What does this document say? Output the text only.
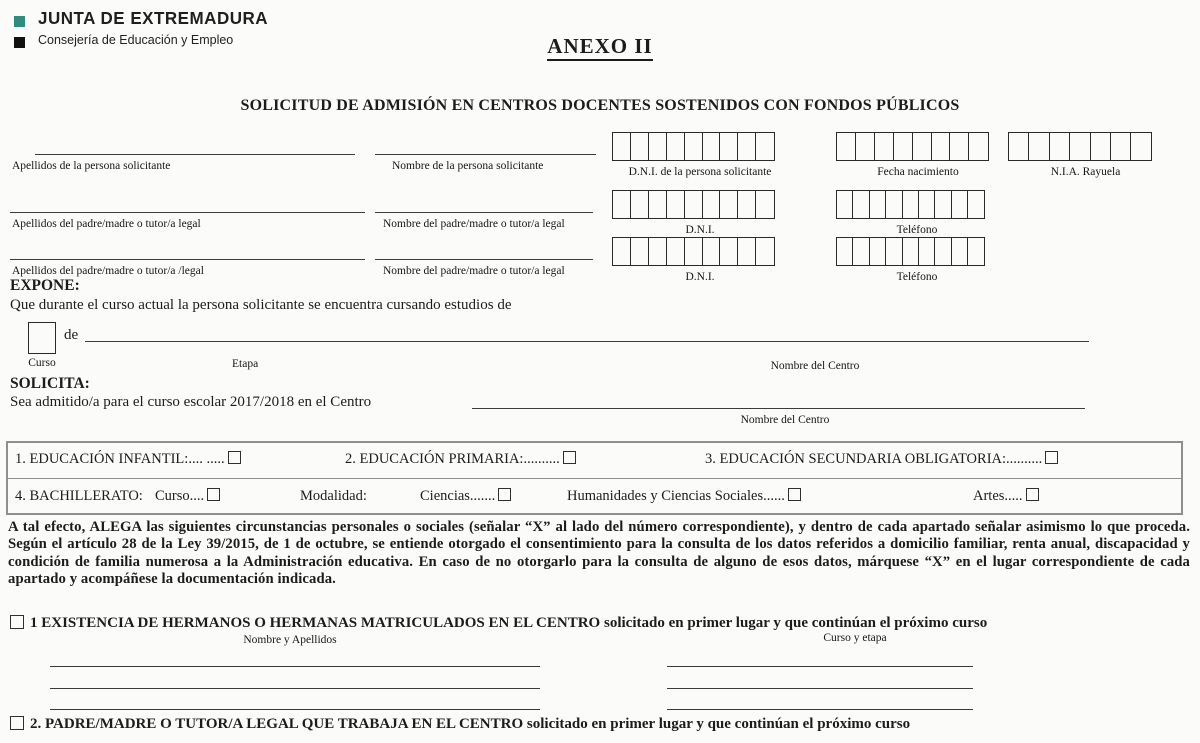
JUNTA DE EXTREMADURA
Consejería de Educación y Empleo	ANEXO II
SOLICITUD DE ADMISIÓN EN CENTROS DOCENTES SOSTENIDOS CON FONDOS PÚBLICOS
Apellidos de la persona solicitante	Nombre de la persona solicitante	D.N.I. de la persona solicitante	Fecha nacimiento	N.I.A. Rayuela
Apellidos del padre/madre o tutor/a legal	Nombre del padre/madre o tutor/a legal	D.N.I.	Teléfono
Apellidos del padre/madre o tutor/a /legal	Nombre del padre/madre o tutor/a legal	D.N.I.	Teléfono
EXPONE:
Que durante el curso actual la persona solicitante se encuentra cursando estudios de
de
Curso	Etapa	Nombre del Centro
SOLICITA:
Sea admitido/a para el curso escolar 2017/2018 en el Centro
Nombre del Centro
1. EDUCACIÓN INFANTIL:.... .....	2. EDUCACIÓN PRIMARIA:..........	3. EDUCACIÓN SECUNDARIA OBLIGATORIA:..........
4. BACHILLERATO: Curso....	Modalidad:	Ciencias.......	Humanidades y Ciencias Sociales......	Artes.....
A tal efecto, ALEGA las siguientes circunstancias personales o sociales (señalar “X” al lado del número correspondiente), y dentro de cada apartado señalar asimismo lo que proceda. Según el artículo 28 de la Ley 39/2015, de 1 de octubre, se entiende otorgado el consentimiento para la consulta de los datos referidos a domicilio familiar, renta anual, discapacidad y condición de familia numerosa a la Administración educativa. En caso de no otorgarlo para la consulta de alguno de esos datos, márquese “X” en el lugar correspondiente de cada apartado y acompáñese la documentación indicada.
1 EXISTENCIA DE HERMANOS O HERMANAS MATRICULADOS EN EL CENTRO solicitado en primer lugar y que continúan el próximo curso
Nombre y Apellidos	Curso y etapa
2. PADRE/MADRE O TUTOR/A LEGAL QUE TRABAJA EN EL CENTRO solicitado en primer lugar y que continúan el próximo curso
